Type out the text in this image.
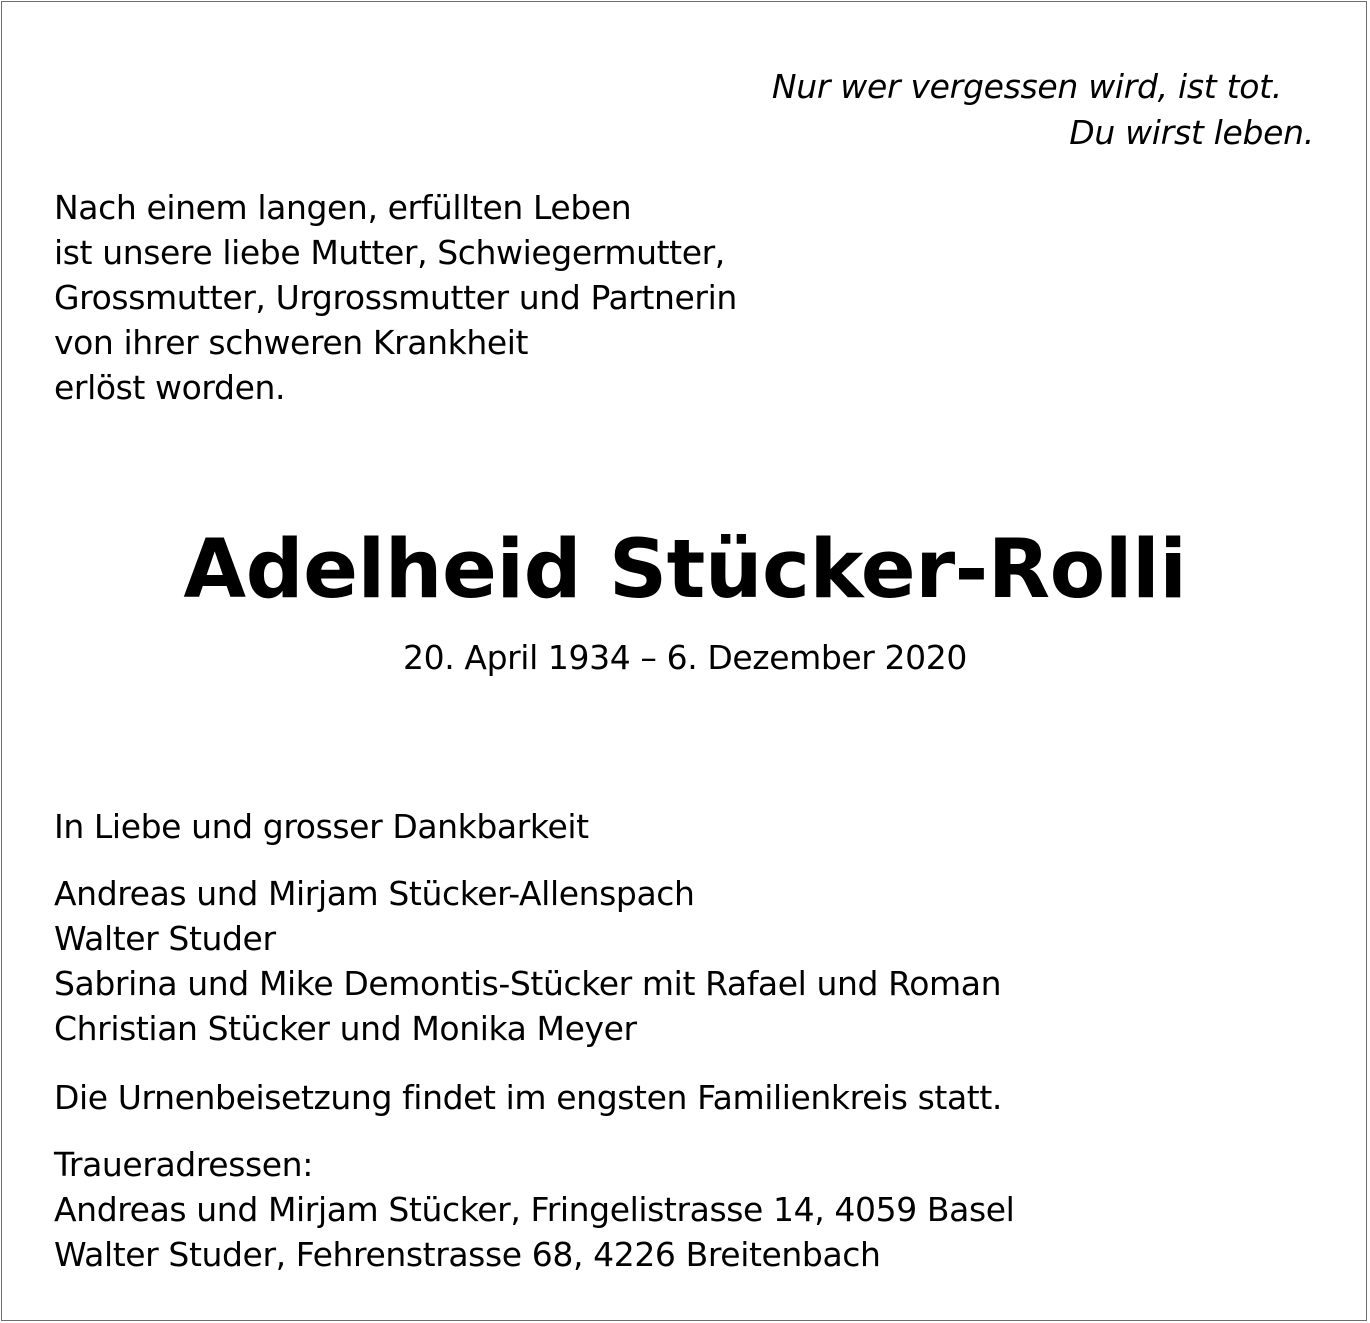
Nur wer vergessen wird, ist tot.

Du wirst leben.

Nach einem langen, erfüllten Leben

ist unsere liebe Mutter, Schwiegermutter,

Grossmutter, Urgrossmutter und Partnerin

von ihrer schweren Krankheit

erlöst worden.

Adelheid Stücker-Rolli

20. April 1934 – 6. Dezember 2020

In Liebe und grosser Dankbarkeit

Andreas und Mirjam Stücker-Allenspach

Walter Studer

Sabrina und Mike Demontis-Stücker mit Rafael und Roman

Christian Stücker und Monika Meyer

Die Urnenbeisetzung findet im engsten Familienkreis statt.

Traueradressen:

Andreas und Mirjam Stücker, Fringelistrasse 14, 4059 Basel

Walter Studer, Fehrenstrasse 68, 4226 Breitenbach
